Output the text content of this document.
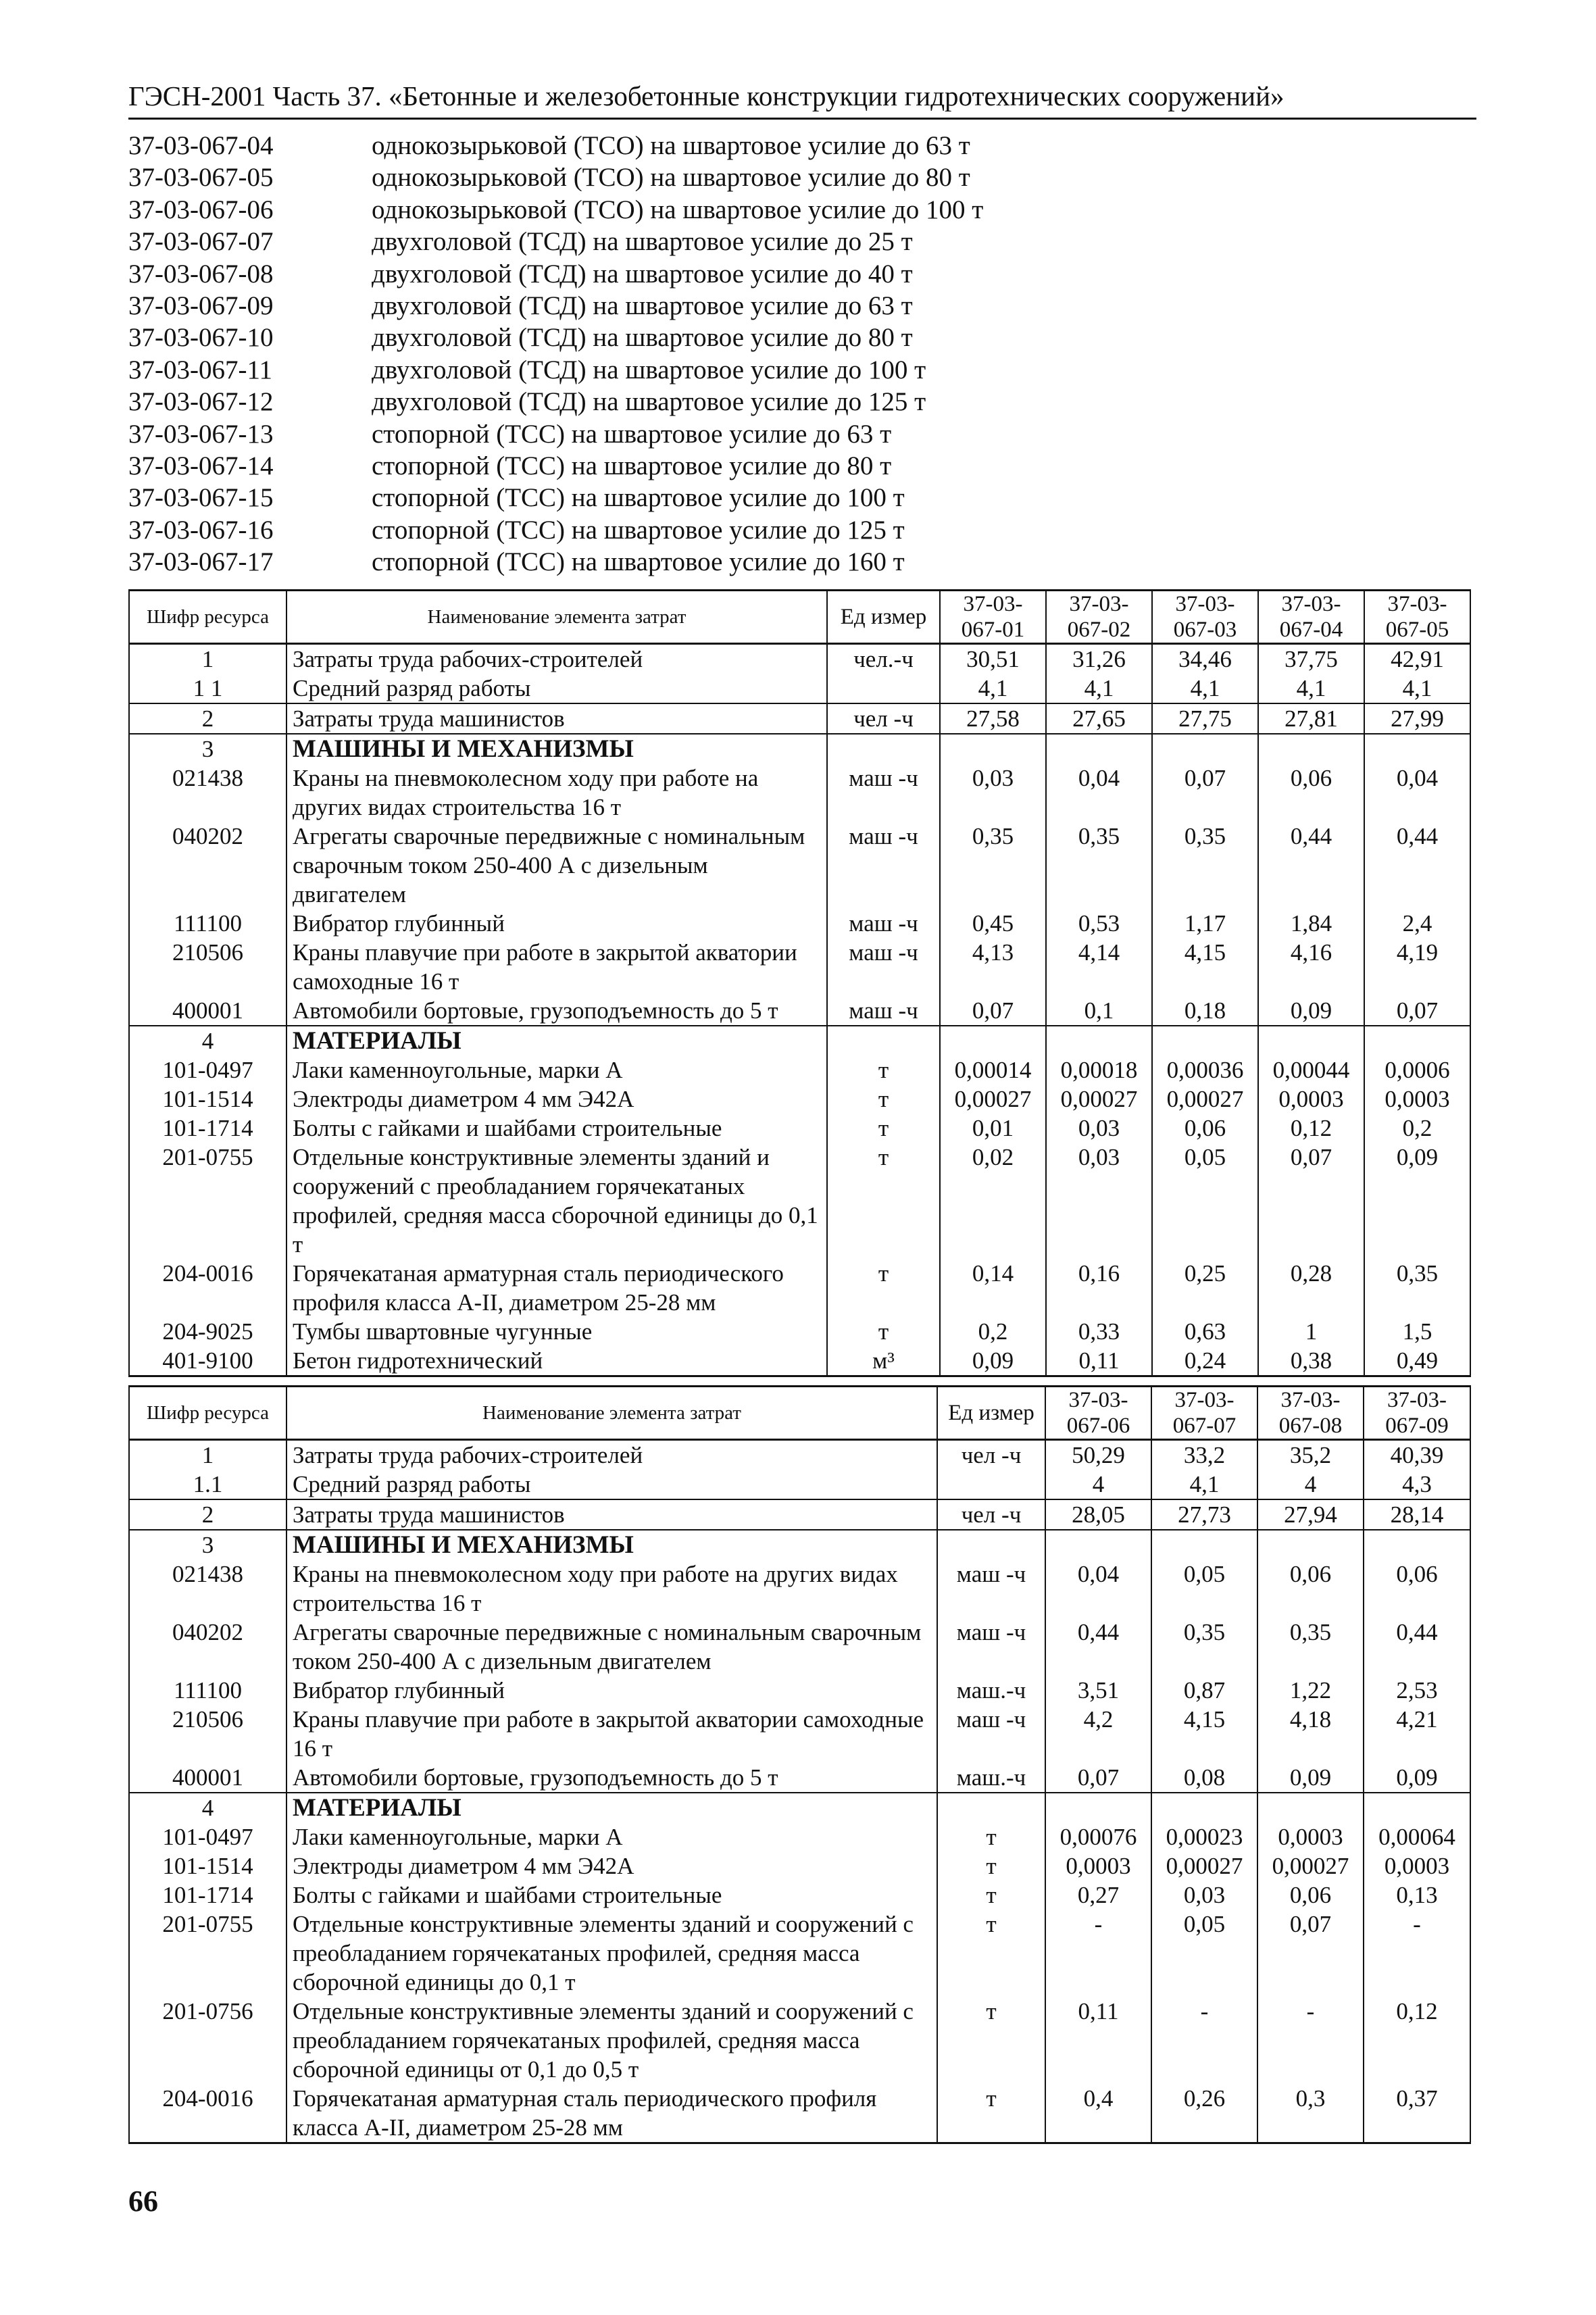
ГЭСН-2001 Часть 37. «Бетонные и железобетонные конструкции гидротехнических сооружений»
37-03-067-04	однокозырьковой (ТСО) на швартовое усилие до 63 т
37-03-067-05	однокозырьковой (ТСО) на швартовое усилие до 80 т
37-03-067-06	однокозырьковой (ТСО) на швартовое усилие до 100 т
37-03-067-07	двухголовой (ТСД) на швартовое усилие до 25 т
37-03-067-08	двухголовой (ТСД) на швартовое усилие до 40 т
37-03-067-09	двухголовой (ТСД) на швартовое усилие до 63 т
37-03-067-10	двухголовой (ТСД) на швартовое усилие до 80 т
37-03-067-11	двухголовой (ТСД) на швартовое усилие до 100 т
37-03-067-12	двухголовой (ТСД) на швартовое усилие до 125 т
37-03-067-13	стопорной (ТСС) на швартовое усилие до 63 т
37-03-067-14	стопорной (ТСС) на швартовое усилие до 80 т
37-03-067-15	стопорной (ТСС) на швартовое усилие до 100 т
37-03-067-16	стопорной (ТСС) на швартовое усилие до 125 т
37-03-067-17	стопорной (ТСС) на швартовое усилие до 160 т
Шифр ресурса	Наименование элемента затрат	Ед измер	37-03-067-01	37-03-067-02	37-03-067-03	37-03-067-04	37-03-067-05
1	Затраты труда рабочих-строителей	чел.-ч	30,51	31,26	34,46	37,75	42,91
1 1	Средний разряд работы		4,1	4,1	4,1	4,1	4,1
2	Затраты труда машинистов	чел -ч	27,58	27,65	27,75	27,81	27,99
3	МАШИНЫ И МЕХАНИЗМЫ						
021438	Краны на пневмоколесном ходу при работе на других видах строительства 16 т	маш -ч	0,03	0,04	0,07	0,06	0,04
040202	Агрегаты сварочные передвижные с номинальным сварочным током 250-400 А с дизельным двигателем	маш -ч	0,35	0,35	0,35	0,44	0,44
111100	Вибратор глубинный	маш -ч	0,45	0,53	1,17	1,84	2,4
210506	Краны плавучие при работе в закрытой акватории самоходные 16 т	маш -ч	4,13	4,14	4,15	4,16	4,19
400001	Автомобили бортовые, грузоподъемность до 5 т	маш -ч	0,07	0,1	0,18	0,09	0,07
4	МАТЕРИАЛЫ						
101-0497	Лаки каменноугольные, марки А	т	0,00014	0,00018	0,00036	0,00044	0,0006
101-1514	Электроды диаметром 4 мм Э42А	т	0,00027	0,00027	0,00027	0,0003	0,0003
101-1714	Болты с гайками и шайбами строительные	т	0,01	0,03	0,06	0,12	0,2
201-0755	Отдельные конструктивные элементы зданий и сооружений с преобладанием горячекатаных профилей, средняя масса сборочной единицы до 0,1 т	т	0,02	0,03	0,05	0,07	0,09
204-0016	Горячекатаная арматурная сталь периодического профиля класса А-II, диаметром 25-28 мм	т	0,14	0,16	0,25	0,28	0,35
204-9025	Тумбы швартовные чугунные	т	0,2	0,33	0,63	1	1,5
401-9100	Бетон гидротехнический	м³	0,09	0,11	0,24	0,38	0,49
Шифр ресурса	Наименование элемента затрат	Ед измер	37-03-067-06	37-03-067-07	37-03-067-08	37-03-067-09
1	Затраты труда рабочих-строителей	чел -ч	50,29	33,2	35,2	40,39
1.1	Средний разряд работы		4	4,1	4	4,3
2	Затраты труда машинистов	чел -ч	28,05	27,73	27,94	28,14
3	МАШИНЫ И МЕХАНИЗМЫ					
021438	Краны на пневмоколесном ходу при работе на других видах строительства 16 т	маш -ч	0,04	0,05	0,06	0,06
040202	Агрегаты сварочные передвижные с номинальным сварочным током 250-400 А с дизельным двигателем	маш -ч	0,44	0,35	0,35	0,44
111100	Вибратор глубинный	маш.-ч	3,51	0,87	1,22	2,53
210506	Краны плавучие при работе в закрытой акватории самоходные 16 т	маш -ч	4,2	4,15	4,18	4,21
400001	Автомобили бортовые, грузоподъемность до 5 т	маш.-ч	0,07	0,08	0,09	0,09
4	МАТЕРИАЛЫ					
101-0497	Лаки каменноугольные, марки А	т	0,00076	0,00023	0,0003	0,00064
101-1514	Электроды диаметром 4 мм Э42А	т	0,0003	0,00027	0,00027	0,0003
101-1714	Болты с гайками и шайбами строительные	т	0,27	0,03	0,06	0,13
201-0755	Отдельные конструктивные элементы зданий и сооружений с преобладанием горячекатаных профилей, средняя масса сборочной единицы до 0,1 т	т	-	0,05	0,07	-
201-0756	Отдельные конструктивные элементы зданий и сооружений с преобладанием горячекатаных профилей, средняя масса сборочной единицы от 0,1 до 0,5 т	т	0,11	-	-	0,12
204-0016	Горячекатаная арматурная сталь периодического профиля класса А-II, диаметром 25-28 мм	т	0,4	0,26	0,3	0,37
66
